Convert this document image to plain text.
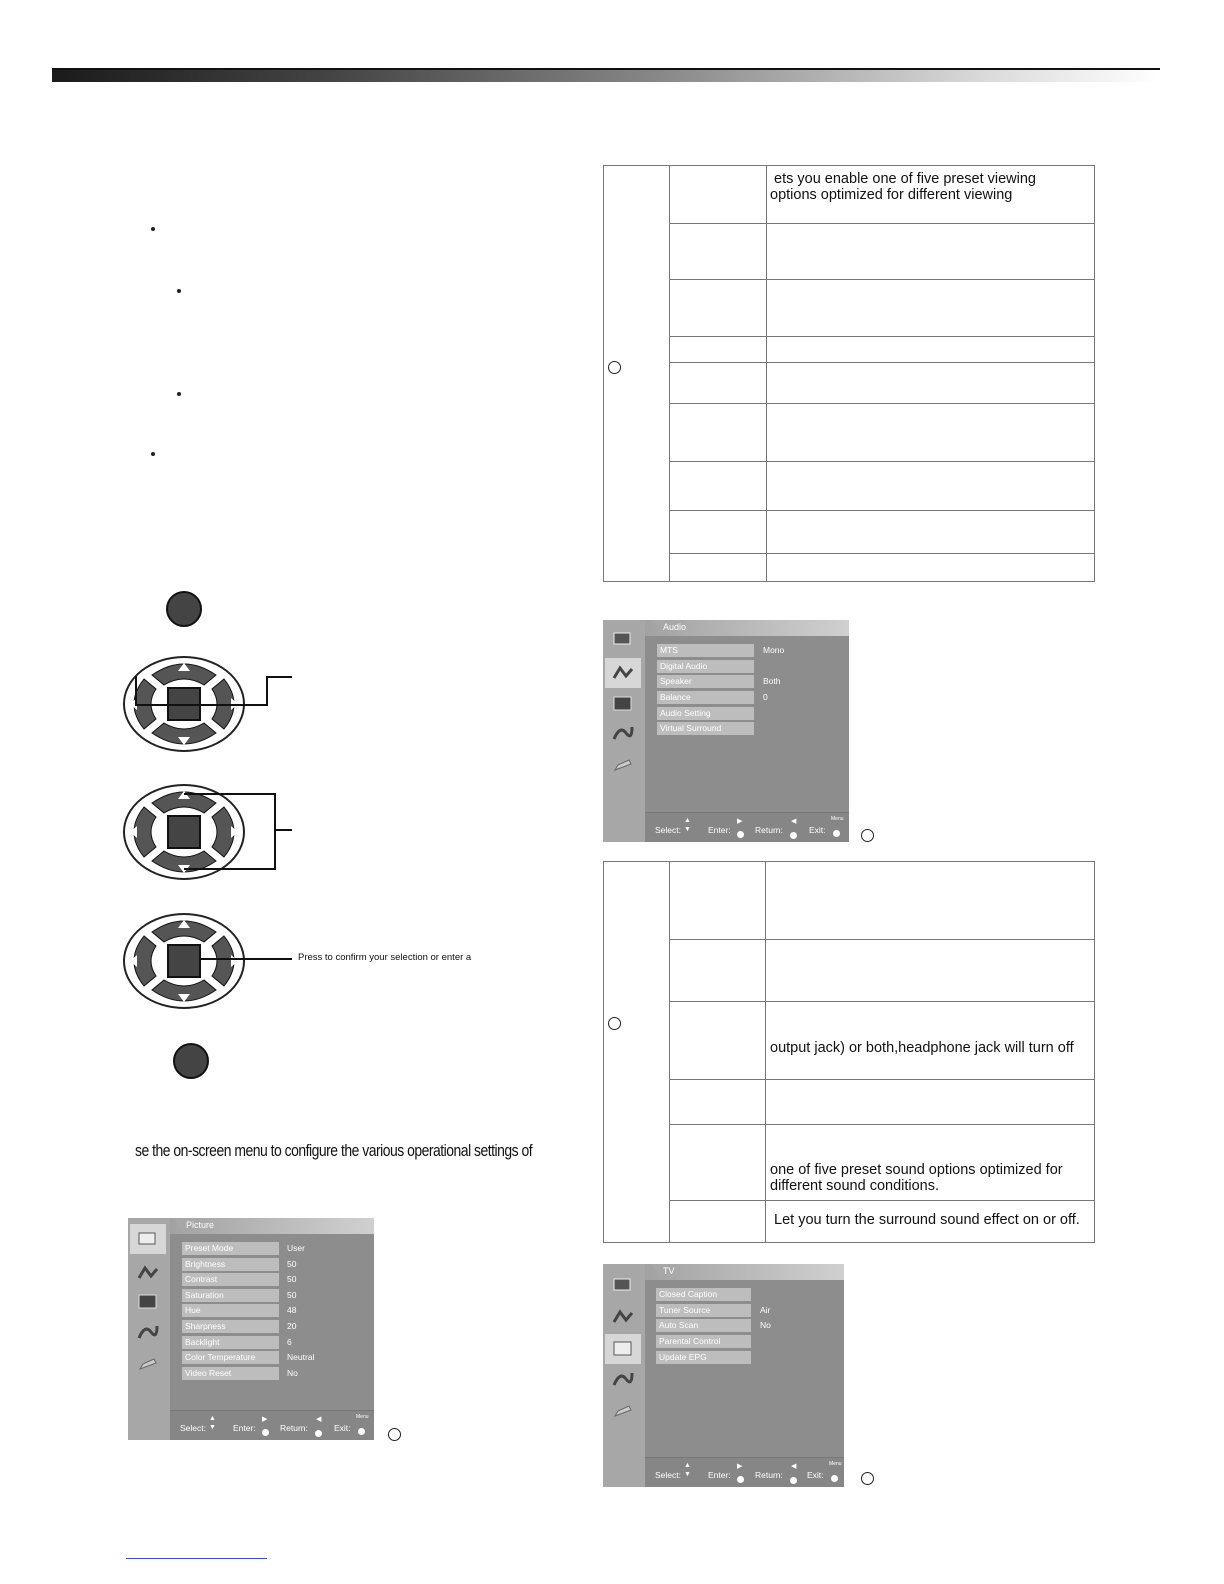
Press to confirm your selection or enter a
se the on-screen menu to configure the various operational settings of
ets you enable one of five preset viewing
options optimized for different viewing
Audio
MTS	Mono
Digital Audio
Speaker	Both
Balance	0
Audio Setting
Virtual Surround
Select:
▲
▼ Enter:
▶
Return:
◀
Exit:
Menu
output jack) or both,headphone jack will turn off
one of five preset sound options optimized for
different sound conditions.
Let you turn the surround sound effect on or off.
Picture
Preset Mode	User
Brightness	50
Contrast	50
Saturation	50
Hue	48
Sharpness	20
Backlight	6
Color Temperature	Neutral
Video Reset	No
Select:
▲
▼ Enter:
▶
Return:
◀
Exit:
Menu
TV
Closed Caption
Tuner Source	Air
Auto Scan	No
Parental Control
Update EPG
Select:
▲
▼ Enter:
▶
Return:
◀
Exit:
Menu
